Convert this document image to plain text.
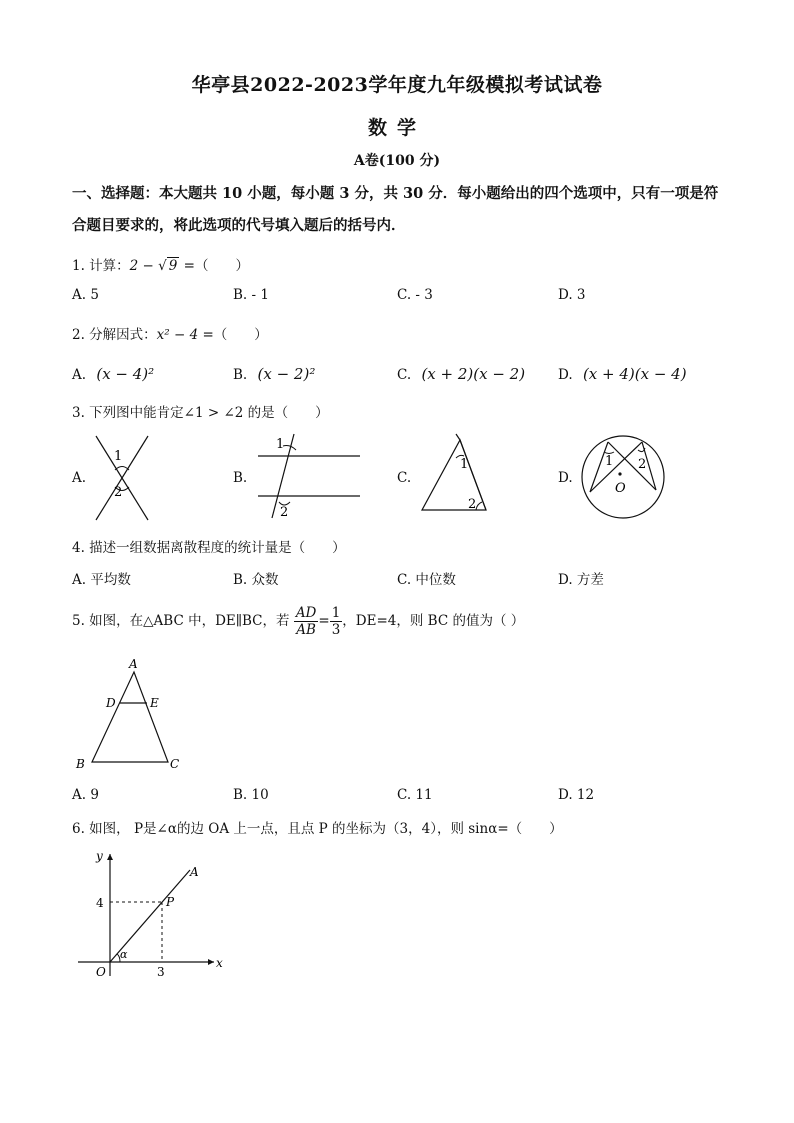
华亭县2022-2023学年度九年级模拟考试试卷
数学
A卷(100 分)
一、选择题：本大题共 10 小题，每小题 3 分，共 30 分．每小题给出的四个选项中，只有一项是符合题目要求的，将此选项的代号填入题后的括号内．
1. 计算：2 − √ 9 =（　　）
A. 5	B. - 1	C. - 3	D. 3
2. 分解因式：x² − 4 =（　　）
A. (x − 4)²	B. (x − 2)²	C. (x + 2)(x − 2) D. (x + 4)(x − 4)
3. 下列图中能肯定∠1 > ∠2 的是（　　）
A.
1
2
B.
1
2
C.
1
2
D.
1 2
O
4. 描述一组数据离散程度的统计量是（　　）
A. 平均数	B. 众数	C. 中位数	D. 方差
5. 如图，在△ABC 中，DE∥BC，若 $\frac{AD}{AB} = \frac{1}{3}$ ，DE=4，则 BC 的值为（ ）
A
D	E
B	C
A. 9	B. 10	C. 11	D. 12
6. 如图， P是∠α的边 OA 上一点，且点 P 的坐标为（3，4），则 sinα=（　　）
y
x
A
P
O
α
4
3
